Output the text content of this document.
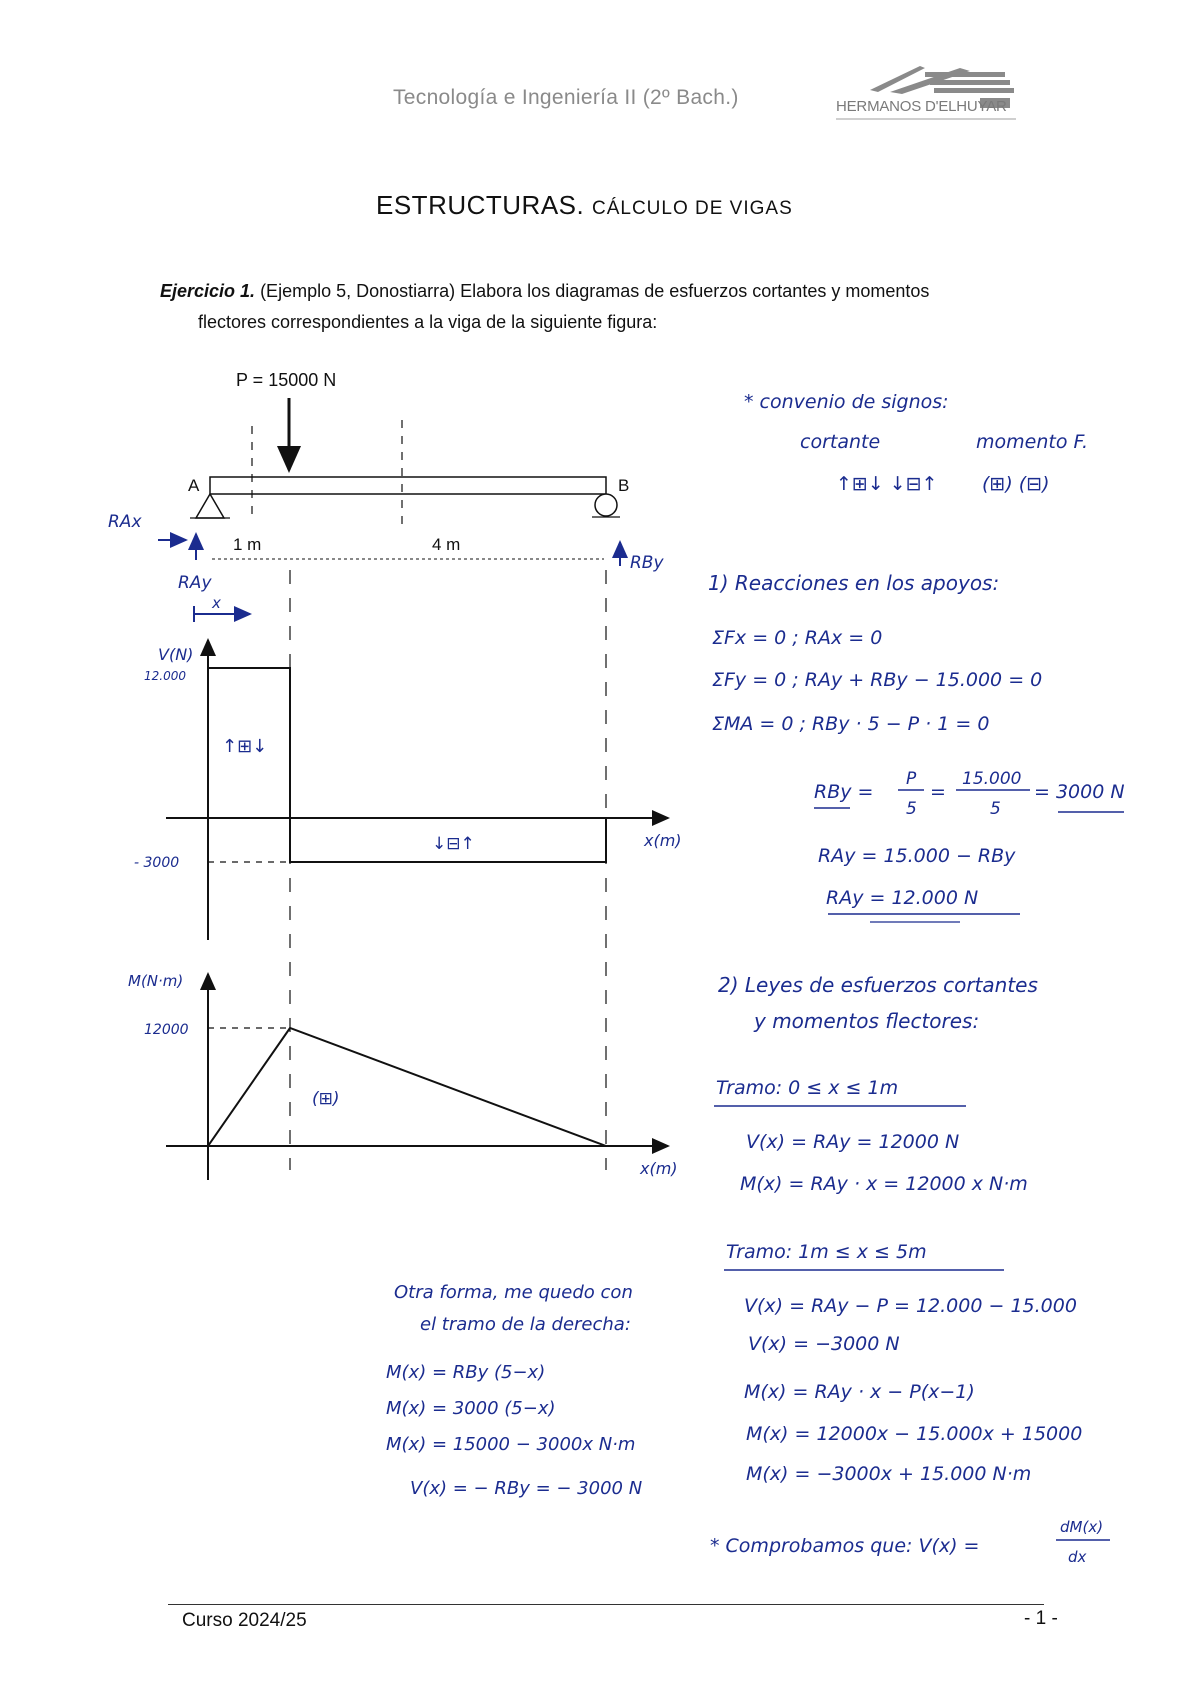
Tecnología e Ingeniería II (2º Bach.)	HERMANOS D'ELHUYAR
ESTRUCTURAS. CÁLCULO DE VIGAS
Ejercicio 1. (Ejemplo 5, Donostiarra) Elabora los diagramas de esfuerzos cortantes y momentos
flectores correspondientes a la viga de la siguiente figura:
P = 15000 N
A	B
1 m	4 m
RAx
RAy
RBy
x
V(N)
x(m)
12.000
- 3000
↑⊞↓
↓⊟↑
M(N·m)
x(m)
12000
(⊞)
* convenio de signos:
cortante	momento F.
↑⊞↓ ↓⊟↑ (⊞) (⊟)
1) Reacciones en los apoyos:
ΣFx = 0 ; RAx = 0
ΣFy = 0 ; RAy + RBy − 15.000 = 0
ΣMA = 0 ; RBy · 5 − P · 1 = 0
RBy =
P
5
=
15.000
5
= 3000 N
RAy = 15.000 − RBy
RAy = 12.000 N
2) Leyes de esfuerzos cortantes
y momentos flectores:
Tramo: 0 ≤ x ≤ 1m
V(x) = RAy = 12000 N
M(x) = RAy · x = 12000 x N·m
Tramo: 1m ≤ x ≤ 5m
V(x) = RAy − P = 12.000 − 15.000
V(x) = −3000 N
M(x) = RAy · x − P(x−1)
M(x) = 12000x − 15.000x + 15000
M(x) = −3000x + 15.000 N·m
Otra forma, me quedo con
el tramo de la derecha:
M(x) = RBy (5−x)
M(x) = 3000 (5−x)
M(x) = 15000 − 3000x N·m
V(x) = − RBy = − 3000 N
* Comprobamos que: V(x) =
dM(x)
dx
Curso 2024/25	- 1 -
